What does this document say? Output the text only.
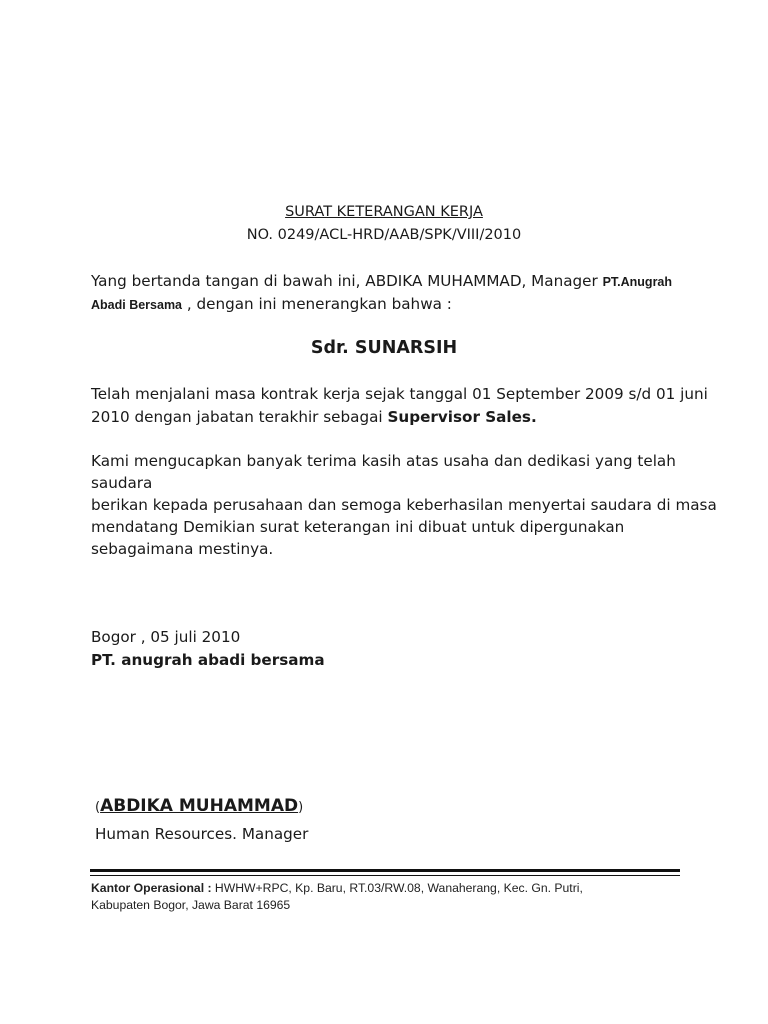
SURAT KETERANGAN KERJA
NO. 0249/ACL-HRD/AAB/SPK/VIII/2010
Yang bertanda tangan di bawah ini, ABDIKA MUHAMMAD, Manager PT.Anugrah
Abadi Bersama , dengan ini menerangkan bahwa :
Sdr. SUNARSIH
Telah menjalani masa kontrak kerja sejak tanggal 01 September 2009 s/d 01 juni
2010 dengan jabatan terakhir sebagai Supervisor Sales.
Kami mengucapkan banyak terima kasih atas usaha dan dedikasi yang telah
saudara
berikan kepada perusahaan dan semoga keberhasilan menyertai saudara di masa
mendatang Demikian surat keterangan ini dibuat untuk dipergunakan
sebagaimana mestinya.
Bogor , 05 juli 2010
PT. anugrah abadi bersama
(ABDIKA MUHAMMAD)
Human Resources. Manager
Kantor Operasional : HWHW+RPC, Kp. Baru, RT.03/RW.08, Wanaherang, Kec. Gn. Putri,
Kabupaten Bogor, Jawa Barat 16965
